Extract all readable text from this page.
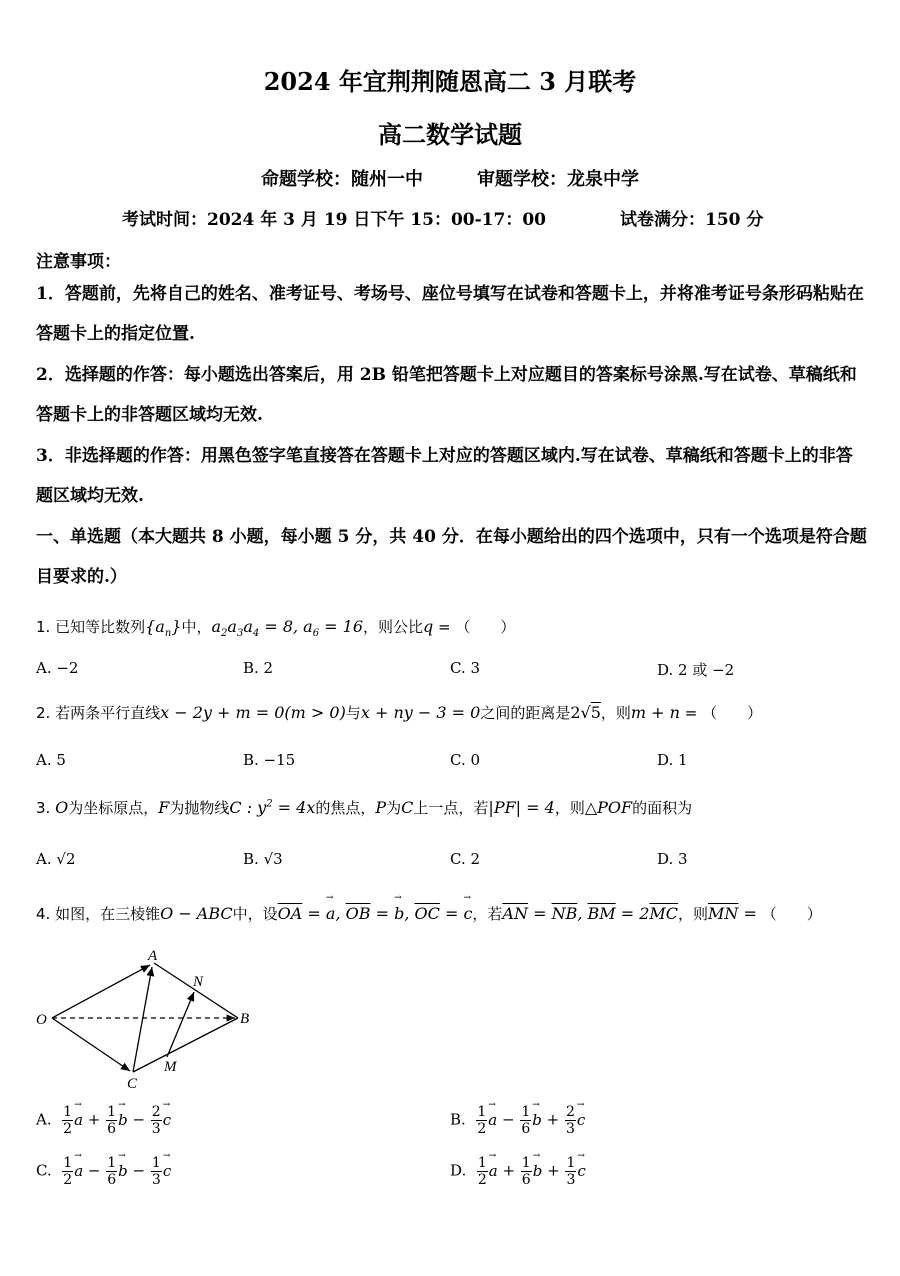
2024 年宜荆荆随恩高二 3 月联考
高二数学试题
命题学校：随州一中　　　审题学校：龙泉中学
考试时间：2024 年 3 月 19 日下午 15：00-17：00	试卷满分：150 分
注意事项：
1．答题前，先将自己的姓名、准考证号、考场号、座位号填写在试卷和答题卡上，并将准考证号条形码粘贴在答题卡上的指定位置.
2．选择题的作答：每小题选出答案后，用 2B 铅笔把答题卡上对应题目的答案标号涂黑.写在试卷、草稿纸和答题卡上的非答题区域均无效.
3．非选择题的作答：用黑色签字笔直接答在答题卡上对应的答题区域内.写在试卷、草稿纸和答题卡上的非答题区域均无效.
一、单选题（本大题共 8 小题，每小题 5 分，共 40 分．在每小题给出的四个选项中，只有一个选项是符合题目要求的.）
1. 已知等比数列$\{a_n\}$中，$a_2a_3a_4 = 8$, $a_6 = 16$，则公比q = （　　）
A. −2	B. 2	C. 3	D. 2 或 −2
2. 若两条平行直线x − 2y + m = 0(m > 0)与x + ny − 3 = 0之间的距离是2√5，则m + n = （　　）
A. 5	B. −15	C. 0	D. 1
3. O为坐标原点，F为抛物线C : $y^2 = 4x$的焦点，P为C上一点，若|PF| = 4，则△POF的面积为
A. √2	B. √3	C. 2	D. 3
4. 如图，在三棱锥O − ABC中，设$\overline{OA}$ = → a, $\overline{OB}$ = → b, $\overline{OC}$ = → c，若$\overline{AN} = \overline{NB}$, $\overline{BM} = 2\overline{MC}$，则$\overline{MN}$ = （　　）
A
N
O	B
M
C
A. $\frac{1}{2} \to a + \frac{1}{6} \to b - \frac{2}{3} \to c$	B. $\frac{1}{2} \to a - \frac{1}{6} \to b + \frac{2}{3} \to c$
C. $\frac{1}{2} \to a - \frac{1}{6} \to b - \frac{1}{3} \to c$	D. $\frac{1}{2} \to a + \frac{1}{6} \to b + \frac{1}{3} \to c$
